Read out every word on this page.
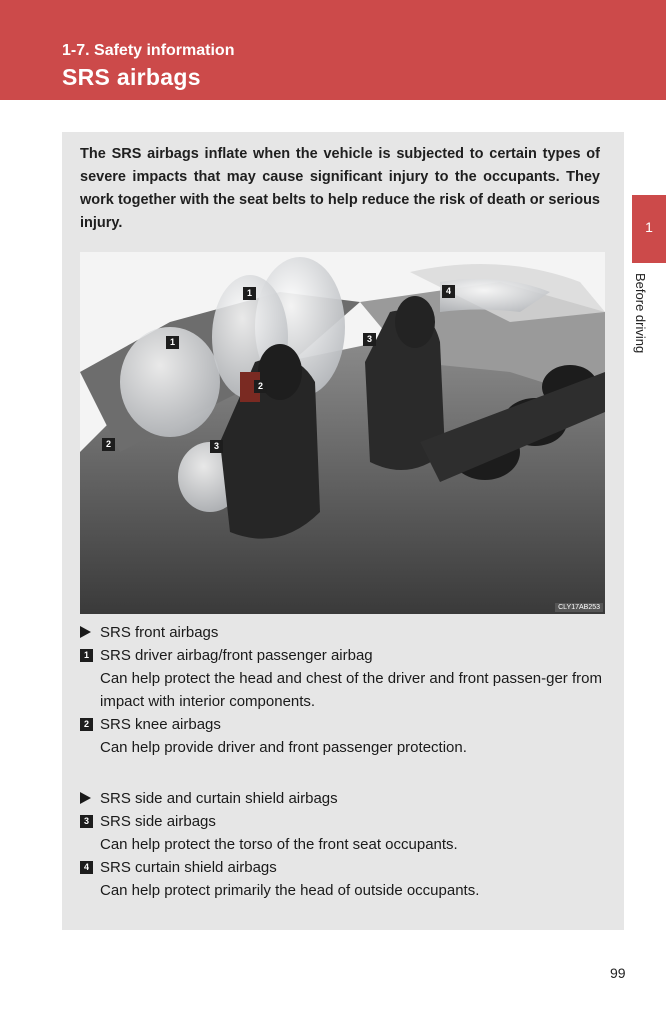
1-7. Safety information
SRS airbags
1
Before driving
The SRS airbags inflate when the vehicle is subjected to certain types of severe impacts that may cause significant injury to the occupants. They work together with the seat belts to help reduce the risk of death or serious injury.
1
1
2
2
3
3
4
CLY17AB253
SRS front airbags
1 SRS driver airbag/front passenger airbag
Can help protect the head and chest of the driver and front passen-ger from impact with interior components.
2 SRS knee airbags
Can help provide driver and front passenger protection.
SRS side and curtain shield airbags
3 SRS side airbags
Can help protect the torso of the front seat occupants.
4 SRS curtain shield airbags
Can help protect primarily the head of outside occupants.
99
